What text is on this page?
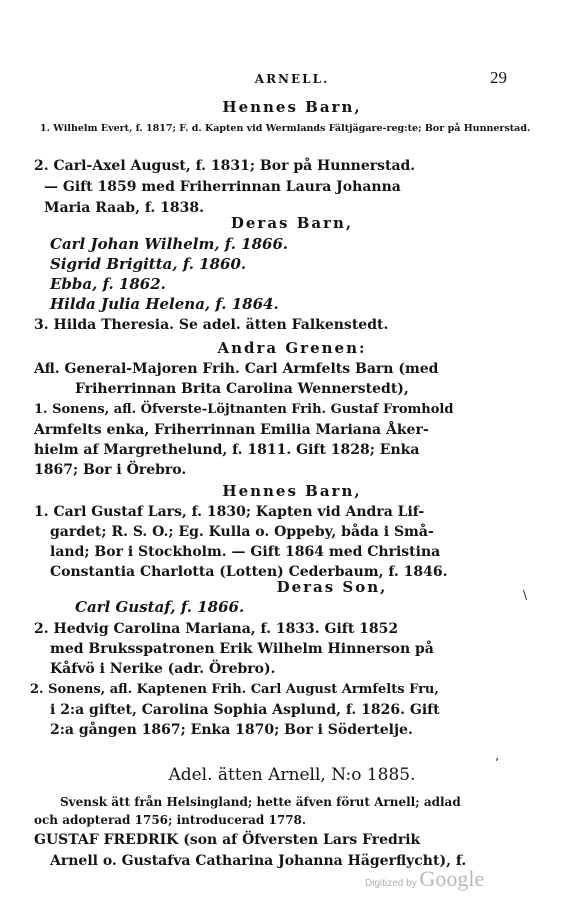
ARNELL.	29
Hennes Barn,
1. Wilhelm Evert, f. 1817; F. d. Kapten vid Wermlands Fältjägare-reg:te; Bor på Hunnerstad.
2. Carl-Axel August, f. 1831; Bor på Hunnerstad.
— Gift 1859 med Friherrinnan Laura Johanna
Maria Raab, f. 1838.
Deras Barn,
Carl Johan Wilhelm, f. 1866.
Sigrid Brigitta, f. 1860.
Ebba, f. 1862.
Hilda Julia Helena, f. 1864.
3. Hilda Theresia. Se adel. ätten Falkenstedt.
Andra Grenen:
Afl. General-Majoren Frih. Carl Armfelts Barn (med
Friherrinnan Brita Carolina Wennerstedt),
1. Sonens, afl. Öfverste-Löjtnanten Frih. Gustaf Fromhold
Armfelts enka, Friherrinnan Emilia Mariana Åker-
hielm af Margrethelund, f. 1811. Gift 1828; Enka
1867; Bor i Örebro.
Hennes Barn,
1. Carl Gustaf Lars, f. 1830; Kapten vid Andra Lif-
gardet; R. S. O.; Eg. Kulla o. Oppeby, båda i Små-
land; Bor i Stockholm. — Gift 1864 med Christina
Constantia Charlotta (Lotten) Cederbaum, f. 1846.
Deras Son,
Carl Gustaf, f. 1866.
2. Hedvig Carolina Mariana, f. 1833. Gift 1852
med Bruksspatronen Erik Wilhelm Hinnerson på
Kåfvö i Nerike (adr. Örebro).
2. Sonens, afl. Kaptenen Frih. Carl August Armfelts Fru,
i 2:a giftet, Carolina Sophia Asplund, f. 1826. Gift
2:a gången 1867; Enka 1870; Bor i Södertelje.
Adel. ätten Arnell, N:o 1885.
Svensk ätt från Helsingland; hette äfven förut Arnell; adlad
och adopterad 1756; introducerad 1778.
GUSTAF FREDRIK (son af Öfversten Lars Fredrik
Arnell o. Gustafva Catharina Johanna Hägerflycht), f.
\
’
Digitized by Google
